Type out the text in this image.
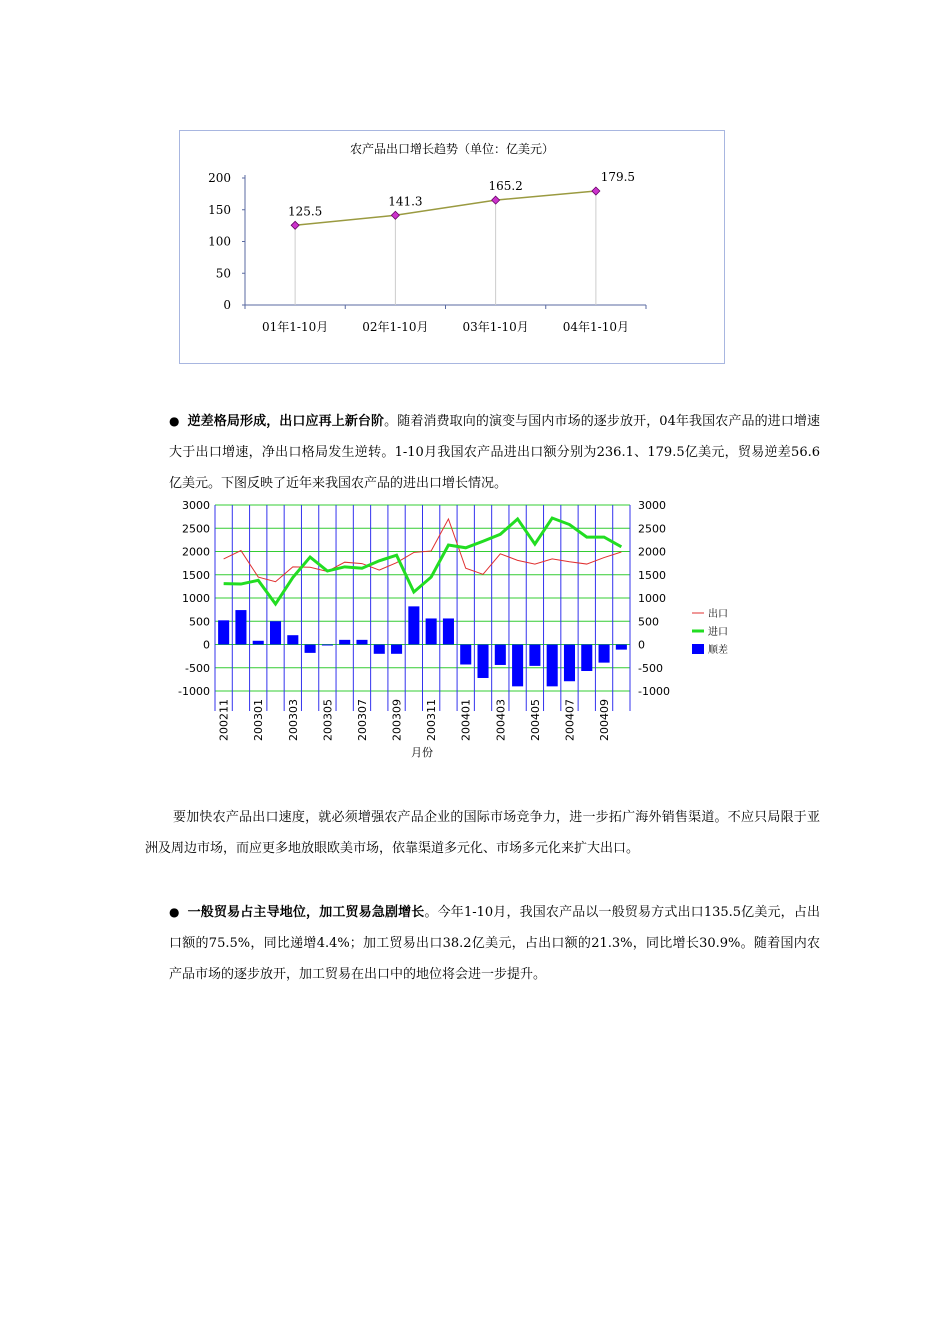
农产品出口增长趋势（单位：亿美元）
0
50
100
150
200
125.5
01年1-10月
141.3
02年1-10月
165.2
03年1-10月
179.5
04年1-10月

● 逆差格局形成，出口应再上新台阶。随着消费取向的演变与国内市场的逐步放开，04年我国农产品的进口增速大于出口增速，净出口格局发生逆转。1-10月我国农产品进出口额分别为236.1、179.5亿美元，贸易逆差56.6亿美元。下图反映了近年来我国农产品的进出口增长情况。

3000	3000
2500	2500
2000	2000
1500	1500
1000	1000
500	500
0	0
-500	-500
-1000	-1000
200211 200301 200303 200305 200307 200309 200311 200401 200403 200405 200407 200409
月份
出口
进口
顺差

要加快农产品出口速度，就必须增强农产品企业的国际市场竞争力，进一步拓广海外销售渠道。不应只局限于亚洲及周边市场，而应更多地放眼欧美市场，依靠渠道多元化、市场多元化来扩大出口。

● 一般贸易占主导地位，加工贸易急剧增长。今年1-10月，我国农产品以一般贸易方式出口135.5亿美元，占出口额的75.5%，同比递增4.4%；加工贸易出口38.2亿美元，占出口额的21.3%，同比增长30.9%。随着国内农产品市场的逐步放开，加工贸易在出口中的地位将会进一步提升。
